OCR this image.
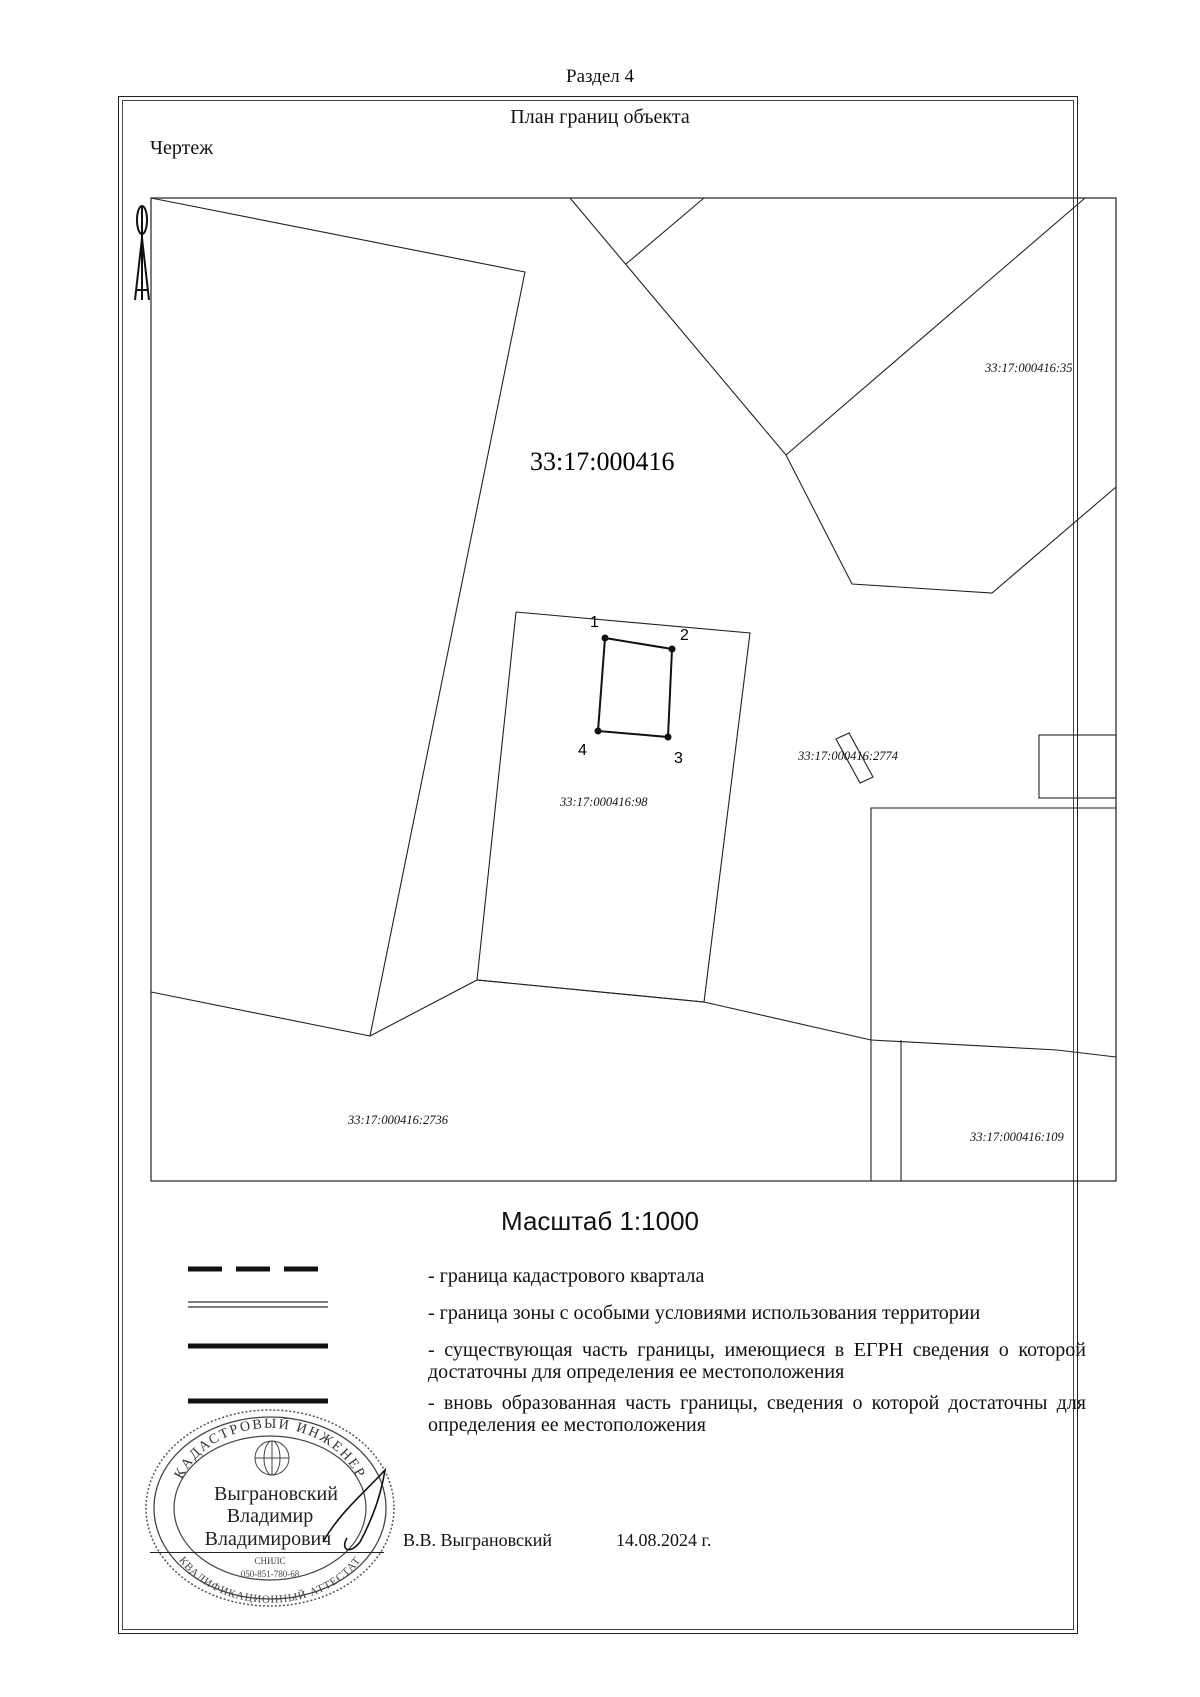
Раздел 4
План границ объекта
Чертеж
1
2
3
4
33:17:000416
33:17:000416:35
33:17:000416:98
33:17:000416:2774
33:17:000416:2736
33:17:000416:109
Масштаб 1:1000
- граница кадастрового квартала
- граница зоны с особыми условиями использования территории
- существующая часть границы, имеющиеся в ЕГРН сведения о которой достаточны для определения ее местоположения
- вновь образованная часть границы, сведения о которой достаточны для определения ее местоположения
КАДАСТРОВЫЙ ИНЖЕНЕР
КВАЛИФИКАЦИОННЫЙ АТТЕСТАТ
Выграновский
Владимир
Владимирович
СНИЛС
050-851-780-68
В.В. Выграновский	14.08.2024 г.
